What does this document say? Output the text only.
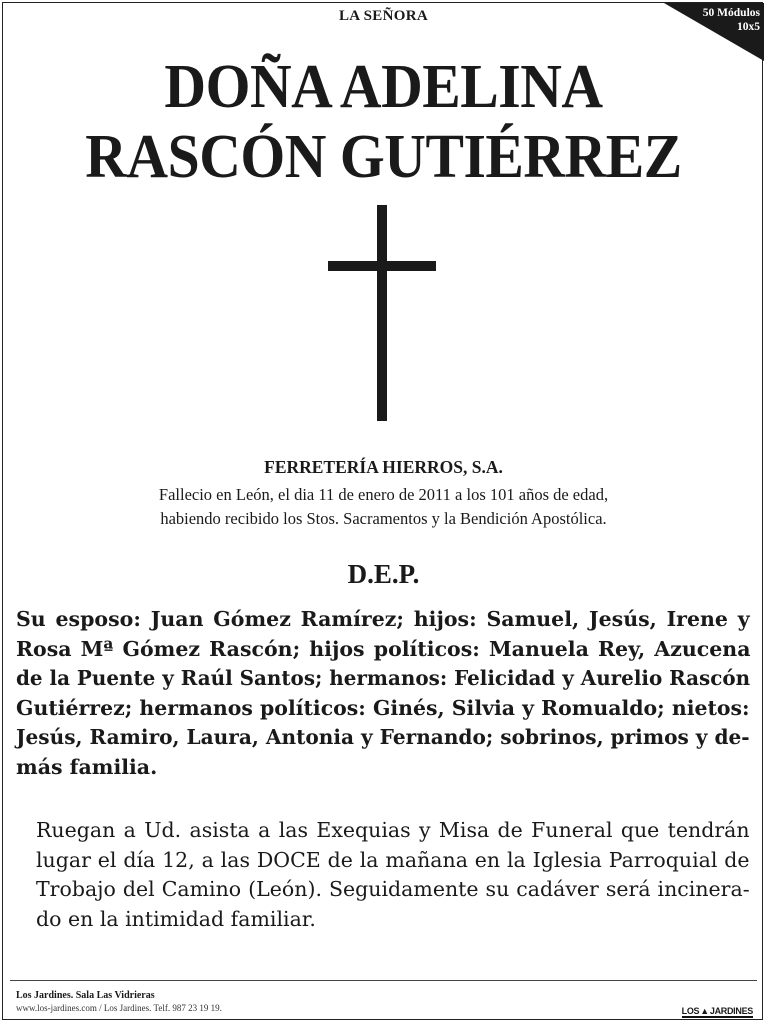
50 Módulos
10x5
LA SEÑORA
DOÑA ADELINA
RASCÓN GUTIÉRREZ
FERRETERÍA HIERROS, S.A.
Fallecio en León, el dia 11 de enero de 2011 a los 101 años de edad,
habiendo recibido los Stos. Sacramentos y la Bendición Apostólica.
D.E.P.
Su esposo: Juan Gómez Ramírez; hijos: Samuel, Jesús, Irene y
Rosa Mª Gómez Rascón; hijos políticos: Manuela Rey, Azucena
de la Puente y Raúl Santos; hermanos: Felicidad y Aurelio Rascón
Gutiérrez; hermanos políticos: Ginés, Silvia y Romualdo; nietos:
Jesús, Ramiro, Laura, Antonia y Fernando; sobrinos, primos y de-
más familia.
Ruegan a Ud. asista a las Exequias y Misa de Funeral que tendrán
lugar el día 12, a las DOCE de la mañana en la Iglesia Parroquial de
Trobajo del Camino (León). Seguidamente su cadáver será incinera-
do en la intimidad familiar.
Los Jardines. Sala Las Vidrieras
www.los-jardines.com / Los Jardines. Telf. 987 23 19 19.	LOS ▲ JARDINES
